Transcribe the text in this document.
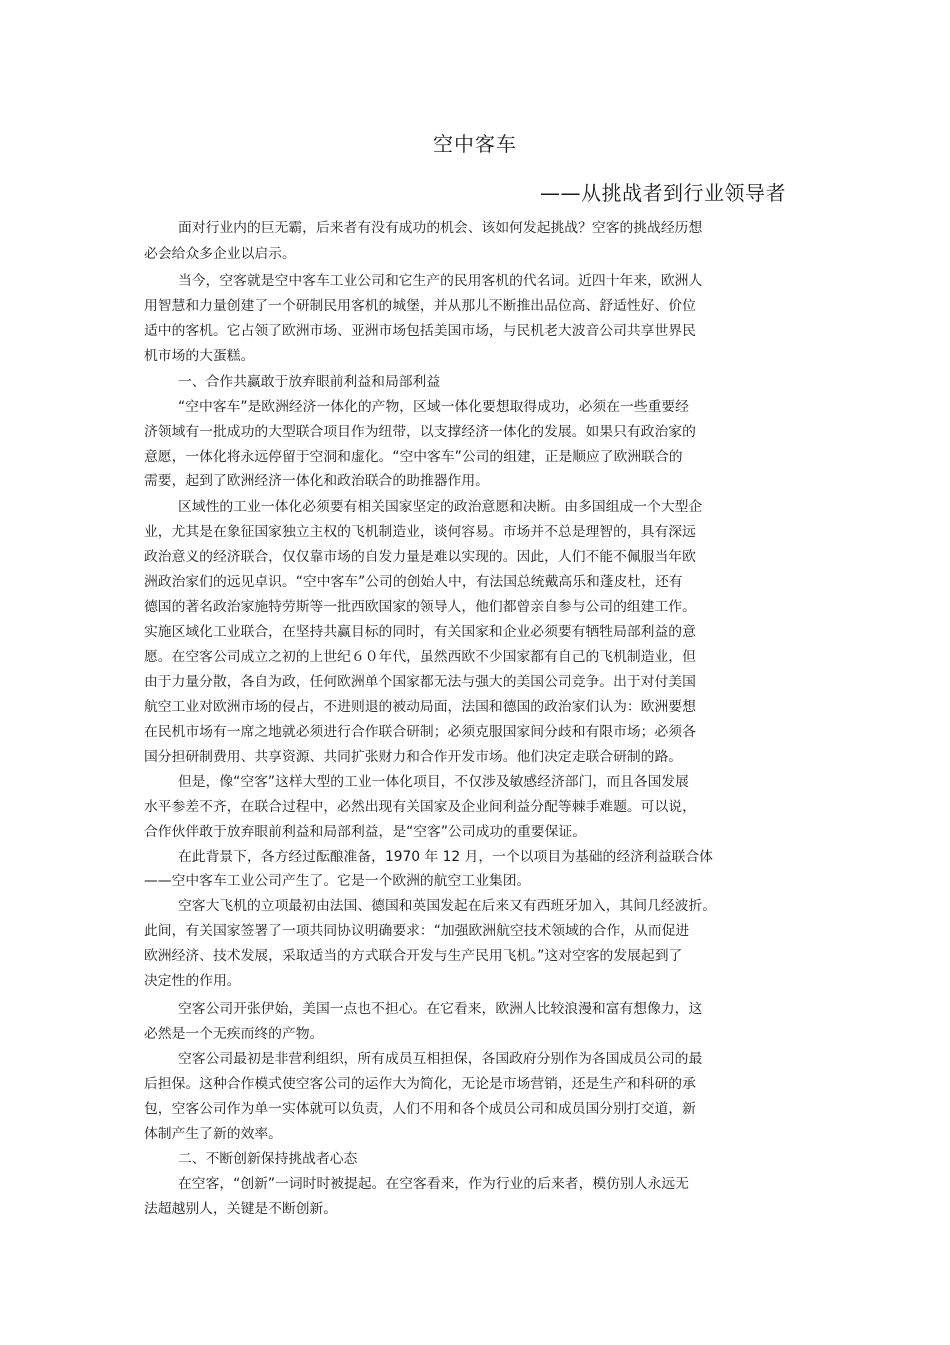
空中客车
——从挑战者到行业领导者
面对行业内的巨无霸，后来者有没有成功的机会、该如何发起挑战？空客的挑战经历想
必会给众多企业以启示。
当今，空客就是空中客车工业公司和它生产的民用客机的代名词。近四十年来，欧洲人
用智慧和力量创建了一个研制民用客机的城堡，并从那儿不断推出品位高、舒适性好、价位
适中的客机。它占领了欧洲市场、亚洲市场包括美国市场，与民机老大波音公司共享世界民
机市场的大蛋糕。
一、合作共赢敢于放弃眼前利益和局部利益
“空中客车”是欧洲经济一体化的产物，区域一体化要想取得成功，必须在一些重要经
济领域有一批成功的大型联合项目作为纽带，以支撑经济一体化的发展。如果只有政治家的
意愿，一体化将永远停留于空洞和虚化。“空中客车”公司的组建，正是顺应了欧洲联合的
需要，起到了欧洲经济一体化和政治联合的助推器作用。
区域性的工业一体化必须要有相关国家坚定的政治意愿和决断。由多国组成一个大型企
业，尤其是在象征国家独立主权的飞机制造业，谈何容易。市场并不总是理智的，具有深远
政治意义的经济联合，仅仅靠市场的自发力量是难以实现的。因此，人们不能不佩服当年欧
洲政治家们的远见卓识。“空中客车”公司的创始人中，有法国总统戴高乐和蓬皮杜，还有
德国的著名政治家施特劳斯等一批西欧国家的领导人，他们都曾亲自参与公司的组建工作。
实施区域化工业联合，在坚持共赢目标的同时，有关国家和企业必须要有牺牲局部利益的意
愿。在空客公司成立之初的上世纪６０年代，虽然西欧不少国家都有自己的飞机制造业，但
由于力量分散，各自为政，任何欧洲单个国家都无法与强大的美国公司竞争。出于对付美国
航空工业对欧洲市场的侵占，不进则退的被动局面，法国和德国的政治家们认为：欧洲要想
在民机市场有一席之地就必须进行合作联合研制；必须克服国家间分歧和有限市场；必须各
国分担研制费用、共享资源、共同扩张财力和合作开发市场。他们决定走联合研制的路。
但是，像“空客”这样大型的工业一体化项目，不仅涉及敏感经济部门，而且各国发展
水平参差不齐，在联合过程中，必然出现有关国家及企业间利益分配等棘手难题。可以说，
合作伙伴敢于放弃眼前利益和局部利益，是“空客”公司成功的重要保证。
在此背景下，各方经过酝酿准备，1970 年 12 月，一个以项目为基础的经济利益联合体
——空中客车工业公司产生了。它是一个欧洲的航空工业集团。
空客大飞机的立项最初由法国、德国和英国发起在后来又有西班牙加入，其间几经波折。
此间，有关国家签署了一项共同协议明确要求：“加强欧洲航空技术领域的合作，从而促进
欧洲经济、技术发展，采取适当的方式联合开发与生产民用飞机。”这对空客的发展起到了
决定性的作用。
空客公司开张伊始，美国一点也不担心。在它看来，欧洲人比较浪漫和富有想像力，这
必然是一个无疾而终的产物。
空客公司最初是非营利组织，所有成员互相担保，各国政府分别作为各国成员公司的最
后担保。这种合作模式使空客公司的运作大为简化，无论是市场营销，还是生产和科研的承
包，空客公司作为单一实体就可以负责，人们不用和各个成员公司和成员国分别打交道，新
体制产生了新的效率。
二、不断创新保持挑战者心态
在空客，“创新”一词时时被提起。在空客看来，作为行业的后来者，模仿别人永远无
法超越别人，关键是不断创新。
